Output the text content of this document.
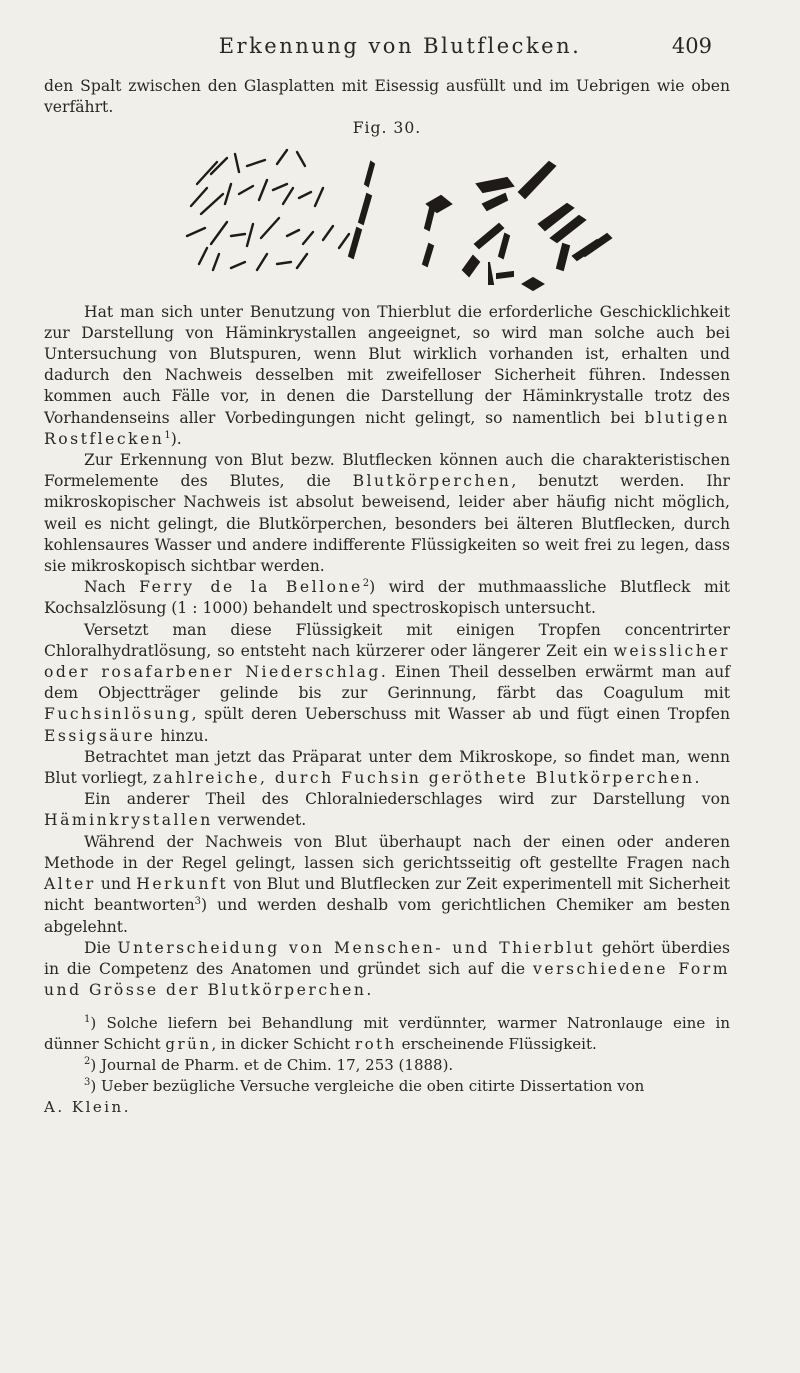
Erkennung von Blutflecken.	409

den Spalt zwischen den Glasplatten mit Eisessig ausfüllt und im Uebrigen wie oben verfährt.

Fig. 30.

Hat man sich unter Benutzung von Thierblut die erforderliche Geschicklichkeit zur Darstellung von Häminkrystallen angeeignet, so wird man solche auch bei Untersuchung von Blutspuren, wenn Blut wirklich vorhanden ist, erhalten und dadurch den Nachweis desselben mit zweifelloser Sicherheit führen. Indessen kommen auch Fälle vor, in denen die Darstellung der Häminkrystalle trotz des Vorhandenseins aller Vorbedingungen nicht gelingt, so namentlich bei blutigen Rostflecken$^1$).

Zur Erkennung von Blut bezw. Blutflecken können auch die charakteristischen Formelemente des Blutes, die Blutkörperchen, benutzt werden. Ihr mikroskopischer Nachweis ist absolut beweisend, leider aber häufig nicht möglich, weil es nicht gelingt, die Blutkörperchen, besonders bei älteren Blutflecken, durch kohlensaures Wasser und andere indifferente Flüssigkeiten so weit frei zu legen, dass sie mikroskopisch sichtbar werden.

Nach Ferry de la Bellone$^2$) wird der muthmaassliche Blutfleck mit Kochsalzlösung (1 : 1000) behandelt und spectroskopisch untersucht.

Versetzt man diese Flüssigkeit mit einigen Tropfen concentrirter Chloralhydratlösung, so entsteht nach kürzerer oder längerer Zeit ein weisslicher oder rosafarbener Niederschlag. Einen Theil desselben erwärmt man auf dem Objectträger gelinde bis zur Gerinnung, färbt das Coagulum mit Fuchsinlösung, spült deren Ueberschuss mit Wasser ab und fügt einen Tropfen Essigsäure hinzu.

Betrachtet man jetzt das Präparat unter dem Mikroskope, so findet man, wenn Blut vorliegt, zahlreiche, durch Fuchsin geröthete Blutkörperchen.

Ein anderer Theil des Chloralniederschlages wird zur Darstellung von Häminkrystallen verwendet.

Während der Nachweis von Blut überhaupt nach der einen oder anderen Methode in der Regel gelingt, lassen sich gerichtsseitig oft gestellte Fragen nach Alter und Herkunft von Blut und Blutflecken zur Zeit experimentell mit Sicherheit nicht beantworten$^3$) und werden deshalb vom gerichtlichen Chemiker am besten abgelehnt.

Die Unterscheidung von Menschen- und Thierblut gehört überdies in die Competenz des Anatomen und gründet sich auf die verschiedene Form und Grösse der Blutkörperchen.

$^1$) Solche liefern bei Behandlung mit verdünnter, warmer Natronlauge eine in dünner Schicht grün, in dicker Schicht roth erscheinende Flüssigkeit.

$^2$) Journal de Pharm. et de Chim. 17, 253 (1888).

$^3$) Ueber bezügliche Versuche vergleiche die oben citirte Dissertation von

A. Klein.
